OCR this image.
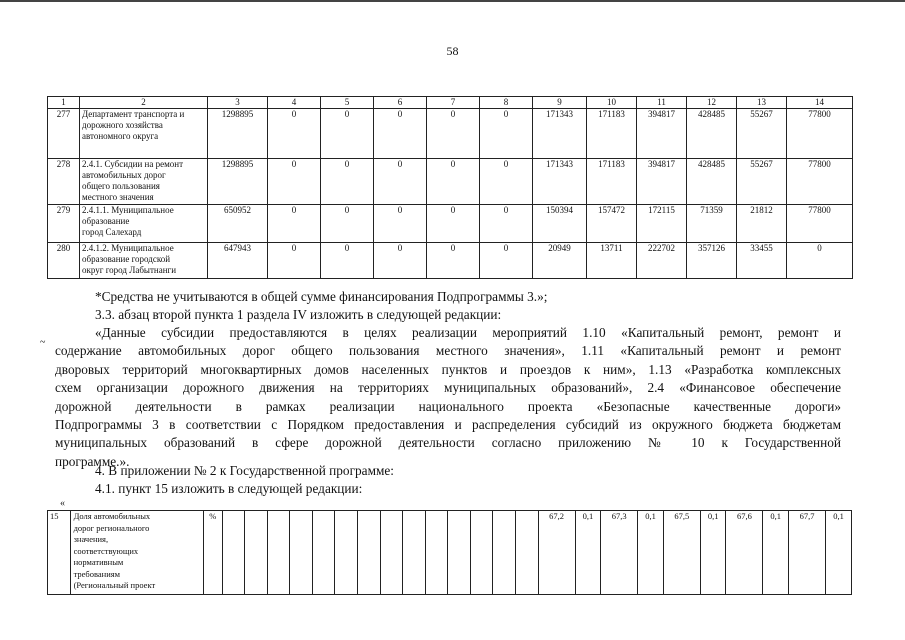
58
1	2	3	4	5	6	7	8	9	10	11	12	13	14
277	Департамент транспорта и
дорожного хозяйства
автономного округа	1298895	0	0	0	0	0	171343	171183	394817	428485	55267	77800
278	2.4.1. Субсидии на ремонт
автомобильных дорог
общего пользования
местного значения	1298895	0	0	0	0	0	171343	171183	394817	428485	55267	77800
279	2.4.1.1. Муниципальное
образование
город Салехард	650952	0	0	0	0	0	150394	157472	172115	71359	21812	77800
280	2.4.1.2. Муниципальное
образование городской
округ город Лабытнанги	647943	0	0	0	0	0	20949	13711	222702	357126	33455	0

*Средства не учитываются в общей сумме финансирования Подпрограммы 3.»;

3.3. абзац второй пункта 1 раздела IV изложить в следующей редакции:

~

«Данные субсидии предоставляются в целях реализации мероприятий 1.10 «Капитальный ремонт, ремонт и

содержание автомобильных дорог общего пользования местного значения», 1.11 «Капитальный ремонт и ремонт

дворовых территорий многоквартирных домов населенных пунктов и проездов к ним», 1.13 «Разработка комплексных

схем организации дорожного движения на территориях муниципальных образований», 2.4 «Финансовое обеспечение

дорожной деятельности в рамках реализации национального проекта «Безопасные качественные дороги»

Подпрограммы 3 в соответствии с Порядком предоставления и распределения субсидий из окружного бюджета бюджетам

муниципальных образований в сфере дорожной деятельности согласно приложению № 10 к Государственной

программе.».

4. В приложении № 2 к Государственной программе:

4.1. пункт 15 изложить в следующей редакции:

«
15	Доля автомобильных
дорог регионального
значения,
соответствующих
нормативным
требованиям
(Региональный проект
	%															67,2	0,1	67,3	0,1	67,5	0,1	67,6	0,1	67,7	0,1
